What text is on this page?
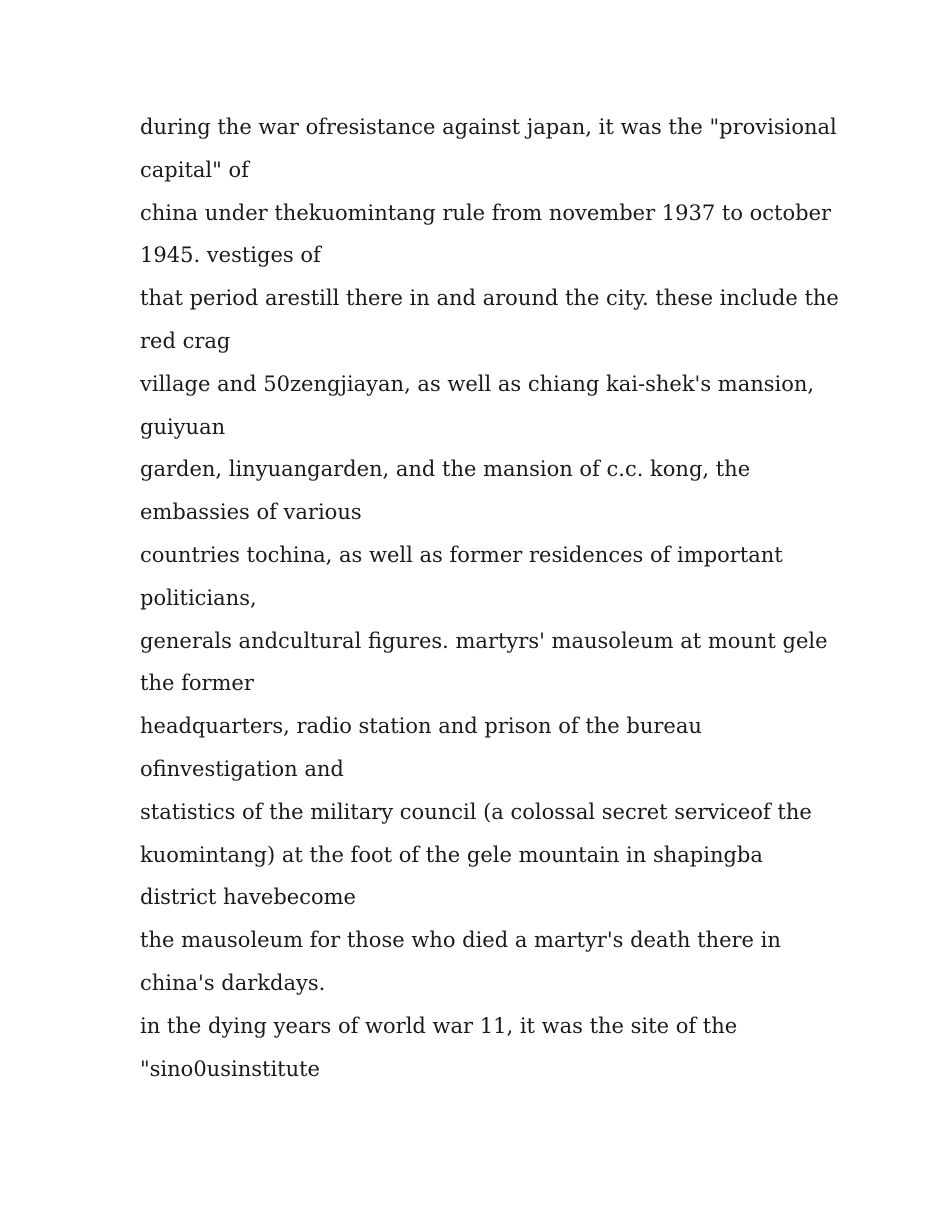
during the war ofresistance against japan, it was the "provisional
capital" of
china under thekuomintang rule from november 1937 to october
1945. vestiges of
that period arestill there in and around the city. these include the
red crag
village and 50zengjiayan, as well as chiang kai-shek's mansion,
guiyuan
garden, linyuangarden, and the mansion of c.c. kong, the
embassies of various
countries tochina, as well as former residences of important
politicians,
generals andcultural figures. martyrs' mausoleum at mount gele
the former
headquarters, radio station and prison of the bureau
ofinvestigation and
statistics of the military council (a colossal secret serviceof the
kuomintang) at the foot of the gele mountain in shapingba
district havebecome
the mausoleum for those who died a martyr's death there in
china's darkdays.
in the dying years of world war 11, it was the site of the
"sino0usinstitute
